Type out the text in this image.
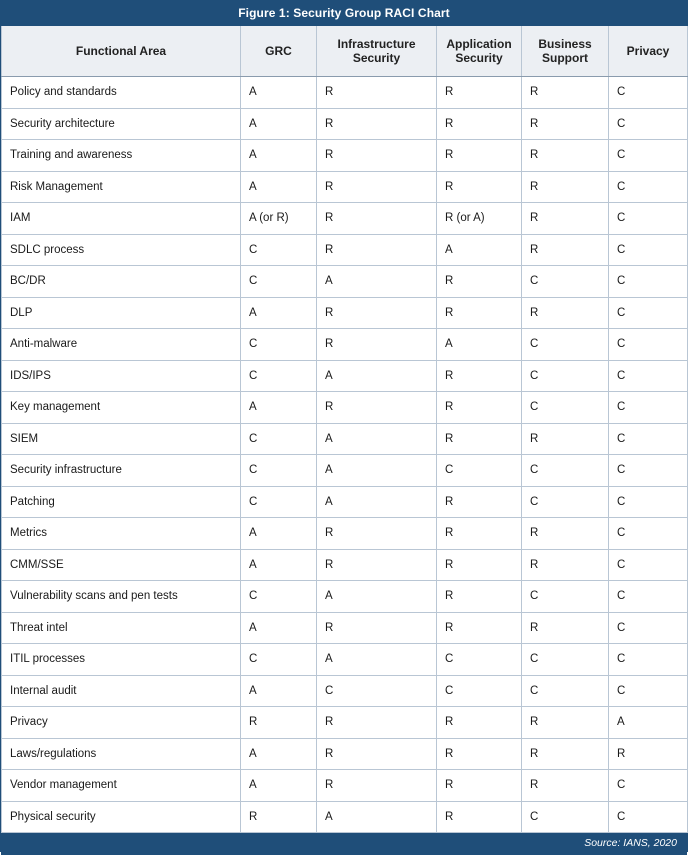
Figure 1: Security Group RACI Chart
Functional Area	GRC	Infrastructure Security	Application Security	Business Support	Privacy
Policy and standards	A	R	R	R	C
Security architecture	A	R	R	R	C
Training and awareness	A	R	R	R	C
Risk Management	A	R	R	R	C
IAM	A (or R)	R	R (or A)	R	C
SDLC process	C	R	A	R	C
BC/DR	C	A	R	C	C
DLP	A	R	R	R	C
Anti-malware	C	R	A	C	C
IDS/IPS	C	A	R	C	C
Key management	A	R	R	C	C
SIEM	C	A	R	R	C
Security infrastructure	C	A	C	C	C
Patching	C	A	R	C	C
Metrics	A	R	R	R	C
CMM/SSE	A	R	R	R	C
Vulnerability scans and pen tests	C	A	R	C	C
Threat intel	A	R	R	R	C
ITIL processes	C	A	C	C	C
Internal audit	A	C	C	C	C
Privacy	R	R	R	R	A
Laws/regulations	A	R	R	R	R
Vendor management	A	R	R	R	C
Physical security	R	A	R	C	C
Source: IANS, 2020
